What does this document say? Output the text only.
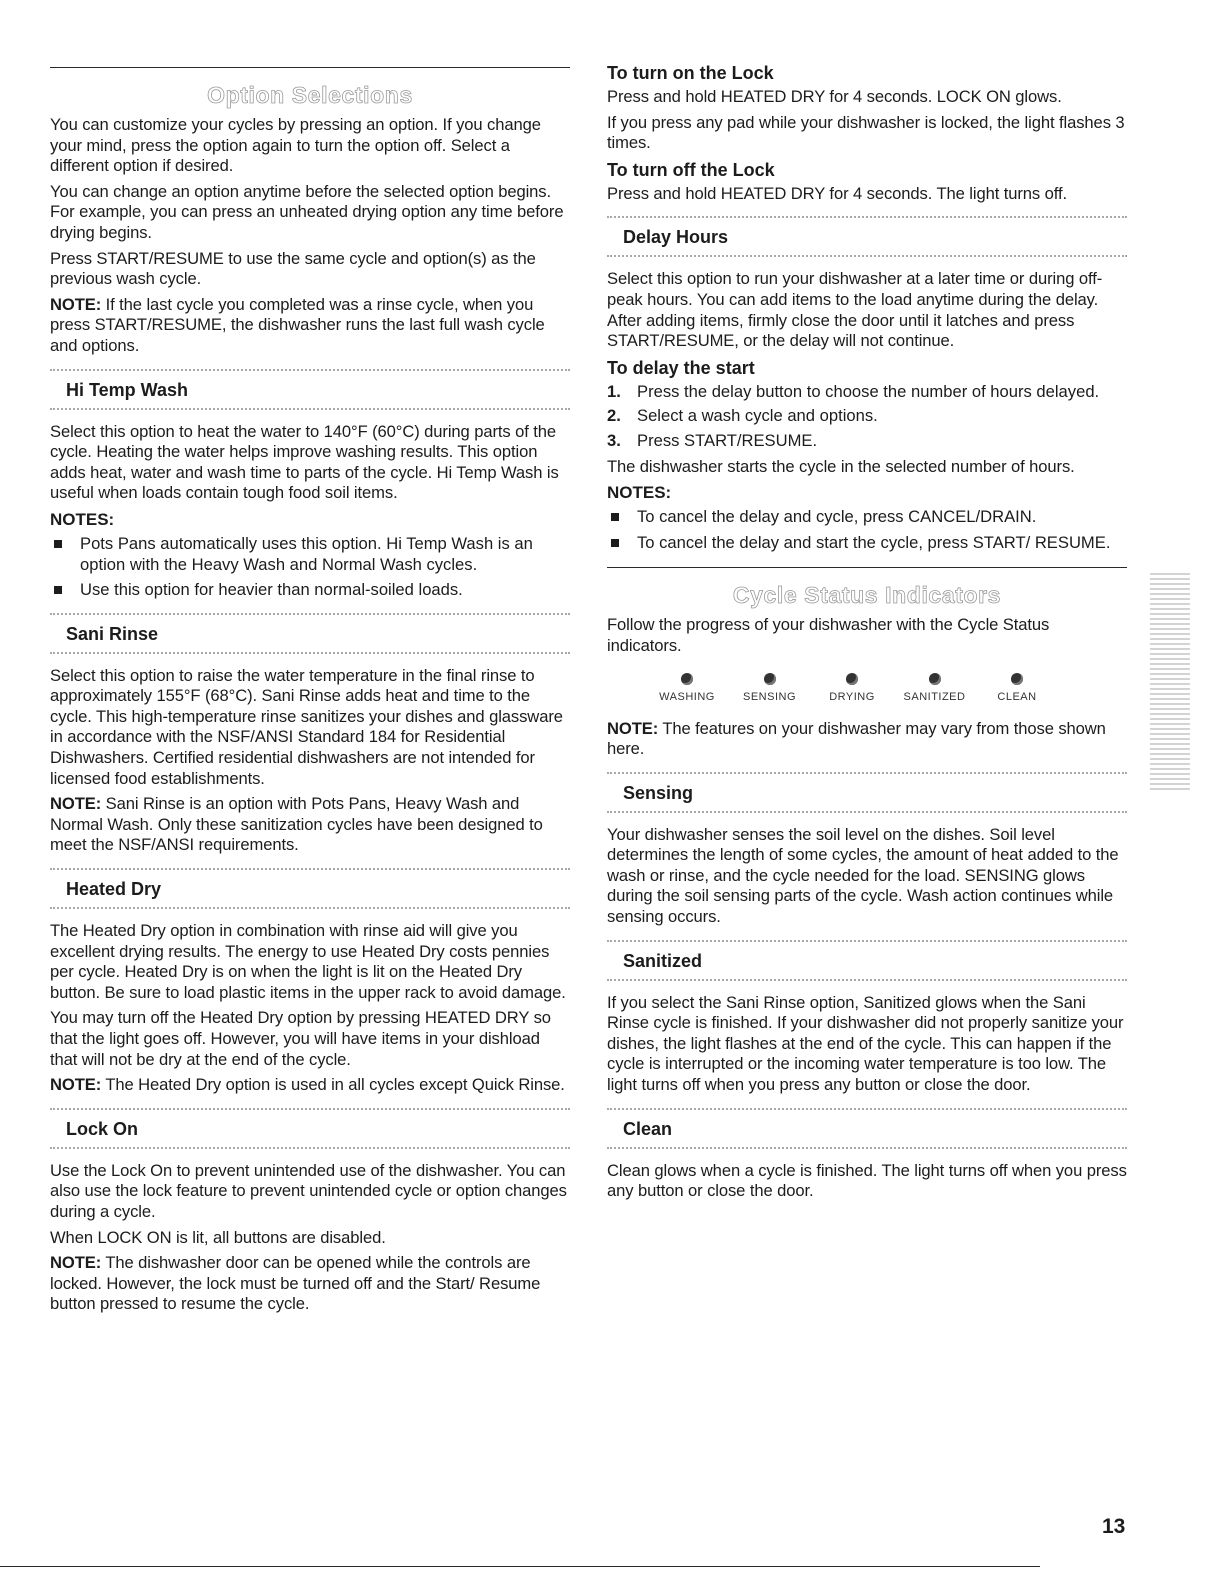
Option Selections

You can customize your cycles by pressing an option. If you change your mind, press the option again to turn the option off. Select a different option if desired.

You can change an option anytime before the selected option begins. For example, you can press an unheated drying option any time before drying begins.

Press START/RESUME to use the same cycle and option(s) as the previous wash cycle.

NOTE: If the last cycle you completed was a rinse cycle, when you press START/RESUME, the dishwasher runs the last full wash cycle and options.

Hi Temp Wash

Select this option to heat the water to 140°F (60°C) during parts of the cycle. Heating the water helps improve washing results. This option adds heat, water and wash time to parts of the cycle. Hi Temp Wash is useful when loads contain tough food soil items.

NOTES:
Pots Pans automatically uses this option. Hi Temp Wash is an option with the Heavy Wash and Normal Wash cycles.
Use this option for heavier than normal-soiled loads.
Sani Rinse

Select this option to raise the water temperature in the final rinse to approximately 155°F (68°C). Sani Rinse adds heat and time to the cycle. This high-temperature rinse sanitizes your dishes and glassware in accordance with the NSF/ANSI Standard 184 for Residential Dishwashers. Certified residential dishwashers are not intended for licensed food establishments.

NOTE: Sani Rinse is an option with Pots Pans, Heavy Wash and Normal Wash. Only these sanitization cycles have been designed to meet the NSF/ANSI requirements.

Heated Dry

The Heated Dry option in combination with rinse aid will give you excellent drying results. The energy to use Heated Dry costs pennies per cycle. Heated Dry is on when the light is lit on the Heated Dry button. Be sure to load plastic items in the upper rack to avoid damage.

You may turn off the Heated Dry option by pressing HEATED DRY so that the light goes off. However, you will have items in your dishload that will not be dry at the end of the cycle.

NOTE: The Heated Dry option is used in all cycles except Quick Rinse.

Lock On

Use the Lock On to prevent unintended use of the dishwasher. You can also use the lock feature to prevent unintended cycle or option changes during a cycle.

When LOCK ON is lit, all buttons are disabled.

NOTE: The dishwasher door can be opened while the controls are locked. However, the lock must be turned off and the Start/ Resume button pressed to resume the cycle.

To turn on the Lock

Press and hold HEATED DRY for 4 seconds. LOCK ON glows.

If you press any pad while your dishwasher is locked, the light flashes 3 times.

To turn off the Lock

Press and hold HEATED DRY for 4 seconds. The light turns off.

Delay Hours

Select this option to run your dishwasher at a later time or during off-peak hours. You can add items to the load anytime during the delay. After adding items, firmly close the door until it latches and press START/RESUME, or the delay will not continue.

To delay the start
1. Press the delay button to choose the number of hours delayed.
2. Select a wash cycle and options.
3. Press START/RESUME.

The dishwasher starts the cycle in the selected number of hours.

NOTES:
To cancel the delay and cycle, press CANCEL/DRAIN.
To cancel the delay and start the cycle, press START/ RESUME.
Cycle Status Indicators

Follow the progress of your dishwasher with the Cycle Status indicators.

WASHING	SENSING	DRYING	SANITIZED	CLEAN

NOTE: The features on your dishwasher may vary from those shown here.

Sensing

Your dishwasher senses the soil level on the dishes. Soil level determines the length of some cycles, the amount of heat added to the wash or rinse, and the cycle needed for the load. SENSING glows during the soil sensing parts of the cycle. Wash action continues while sensing occurs.

Sanitized

If you select the Sani Rinse option, Sanitized glows when the Sani Rinse cycle is finished. If your dishwasher did not properly sanitize your dishes, the light flashes at the end of the cycle. This can happen if the cycle is interrupted or the incoming water temperature is too low. The light turns off when you press any button or close the door.

Clean

Clean glows when a cycle is finished. The light turns off when you press any button or close the door.

13
